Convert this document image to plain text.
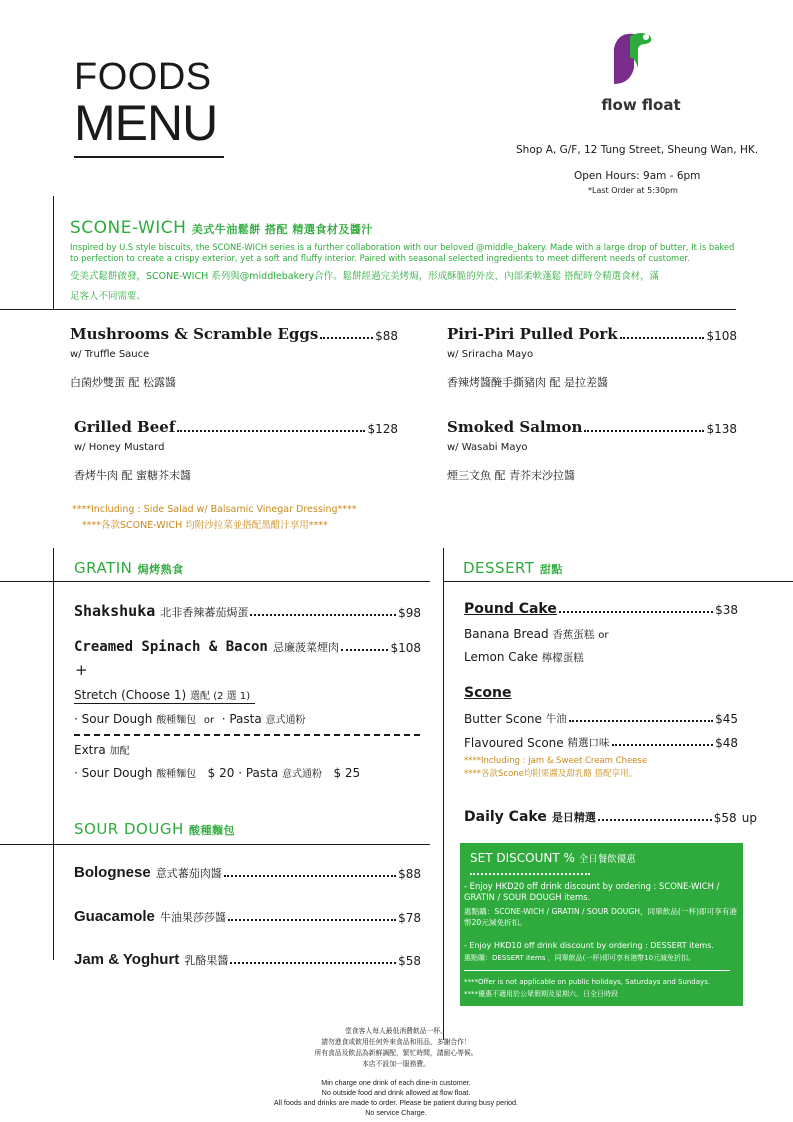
FOODS
MENU	flow float
Shop A, G/F, 12 Tung Street, Sheung Wan, HK.
Open Hours: 9am - 6pm
*Last Order at 5:30pm
SCONE-WICH 美式牛油鬆餅 搭配 精選食材及醬汁
Inspired by U.S style biscuits, the SCONE-WICH series is a further collaboration with our beloved @middle_bakery. Made with a large drop of butter, It is baked to perfection to create a crispy exterior, yet a soft and fluffy interior. Paired with seasonal selected ingredients to meet different needs of customer.
受美式鬆餅啟發，SCONE-WICH 系列與@middlebakery合作。鬆餅經過完美烤焗，形成酥脆的外皮，內部柔軟蓬鬆 搭配時令精選食材，滿
足客人不同需要。
Mushrooms & Scramble Eggs	$88
w/ Truffle Sauce
白菌炒雙蛋 配 松露醬
Piri-Piri Pulled Pork	$108
w/ Sriracha Mayo
香辣烤醬醃手撕豬肉 配 是拉差醬
Grilled Beef	$128
w/ Honey Mustard
香烤牛肉 配 蜜糖芥末醬
Smoked Salmon	$138
w/ Wasabi Mayo
煙三文魚 配 青芥末沙拉醬
****Including : Side Salad w/ Balsamic Vinegar Dressing****
****各款SCONE-WICH 均附沙拉菜並搭配黑醋汁享用****
GRATIN 焗烤熟食
Shakshuka
北非香辣蕃茄焗蛋	$98
Creamed Spinach & Bacon
忌廉菠菜煙肉	$108
+
Stretch (Choose 1) 選配 (2 選 1)
· Sour Dough 酸種麵包 or · Pasta 意式通粉
Extra 加配
· Sour Dough 酸種麵包 $ 20 · Pasta 意式通粉 $ 25
SOUR DOUGH 酸種麵包
Bolognese
意式蕃茄肉醬	$88
Guacamole
牛油果莎莎醬	$78
Jam & Yoghurt
乳酪果醬	$58
DESSERT 甜點
Pound Cake	$38
Banana Bread 香蕉蛋糕 or
Lemon Cake 檸檬蛋糕
Scone
Butter Scone
牛油	$45
Flavoured Scone
精選口味	$48
****Including : Jam & Sweet Cream Cheese
****各款Scone均附果醬及甜乳酪 搭配享用。
Daily Cake
是日精選	$58
up
SET DISCOUNT % 全日餐飲優惠
- Enjoy HKD20 off drink discount by ordering : SCONE-WICH / GRATIN / SOUR DOUGH items.
惠點購：SCONE-WICH / GRATIN / SOUR DOUGH，同單飲品(一杯)即可享有港幣20元減免折扣。
- Enjoy HKD10 off drink discount by ordering : DESSERT items.
惠點購：DESSERT items ，同單飲品(一杯)即可享有港幣10元減免折扣。
****Offer is not applicable on public holidays, Saturdays and Sundays.
****優惠不適用於公眾假期及星期六、日全日時段
堂食客人每人最低消費飲品一杯。
請勿進食或飲用任何外來食品和用品，多謝合作！
所有食品及飲品為新鮮調配，繁忙時間，請耐心等候。
本店不設加一服務費。
Min charge one drink of each dine-in customer.
No outside food and drink allowed at flow float.
All foods and drinks are made to order. Please be patient during busy period.
No service Charge.
